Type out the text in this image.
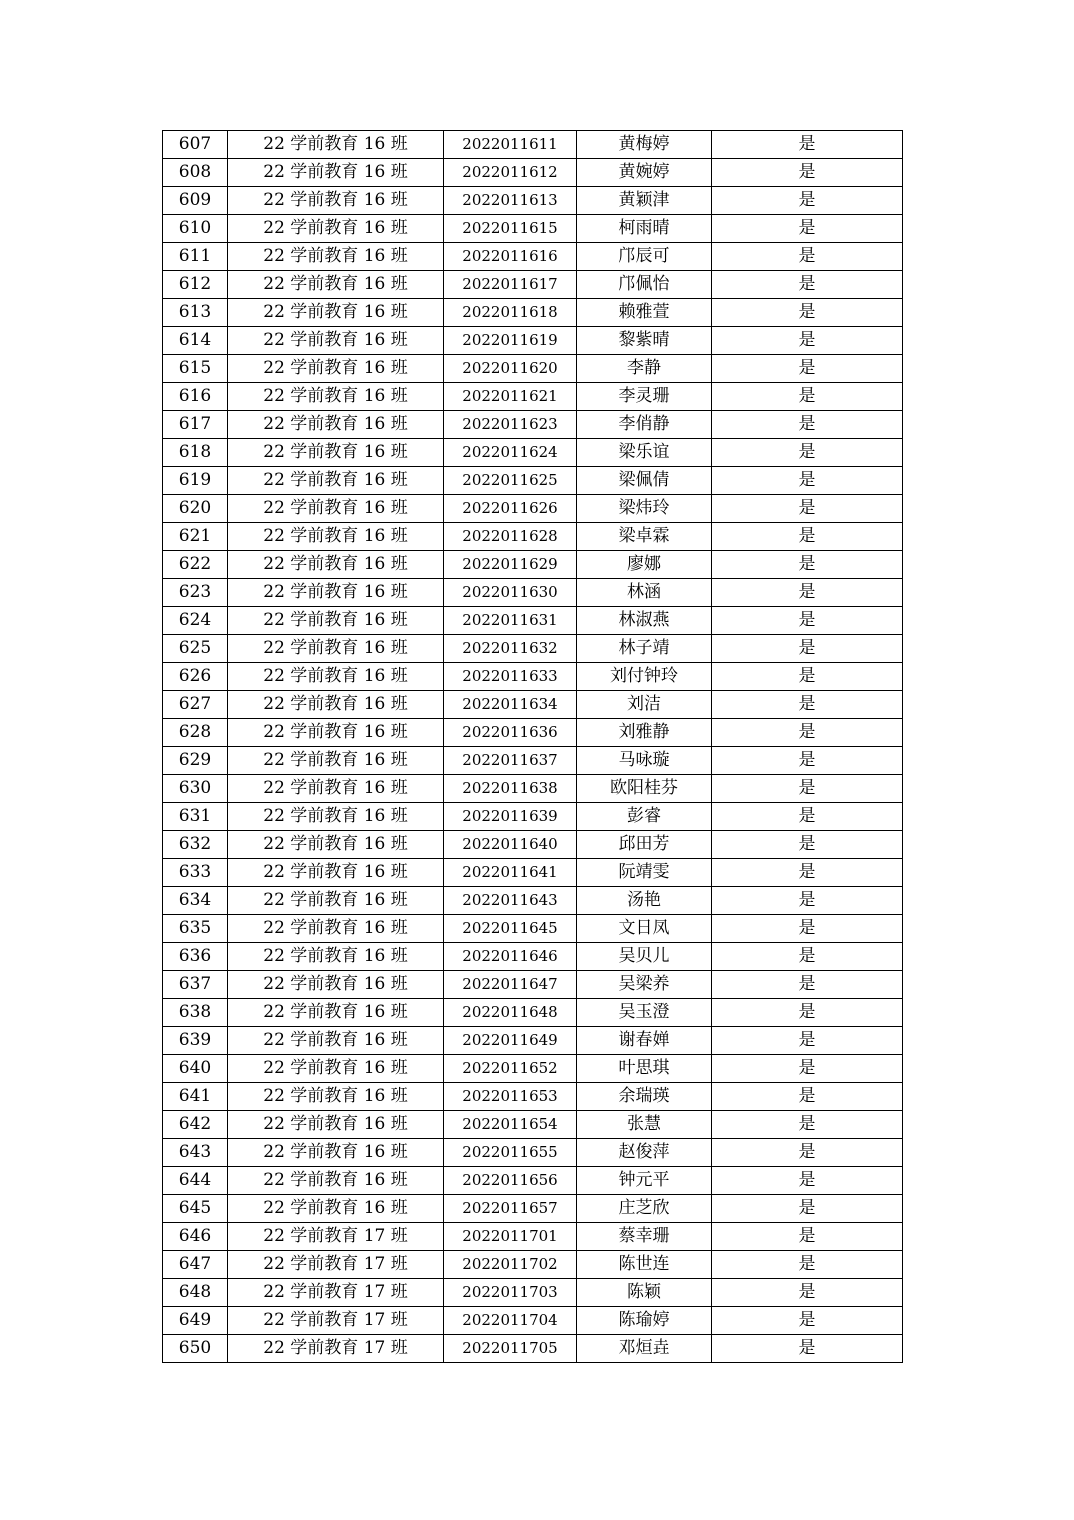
607	22 学前教育 16 班	2022011611	黄梅婷	是
608	22 学前教育 16 班	2022011612	黄婉婷	是
609	22 学前教育 16 班	2022011613	黄颖津	是
610	22 学前教育 16 班	2022011615	柯雨晴	是
611	22 学前教育 16 班	2022011616	邝辰可	是
612	22 学前教育 16 班	2022011617	邝佩怡	是
613	22 学前教育 16 班	2022011618	赖雅萱	是
614	22 学前教育 16 班	2022011619	黎紫晴	是
615	22 学前教育 16 班	2022011620	李静	是
616	22 学前教育 16 班	2022011621	李灵珊	是
617	22 学前教育 16 班	2022011623	李俏静	是
618	22 学前教育 16 班	2022011624	梁乐谊	是
619	22 学前教育 16 班	2022011625	梁佩倩	是
620	22 学前教育 16 班	2022011626	梁炜玲	是
621	22 学前教育 16 班	2022011628	梁卓霖	是
622	22 学前教育 16 班	2022011629	廖娜	是
623	22 学前教育 16 班	2022011630	林涵	是
624	22 学前教育 16 班	2022011631	林淑燕	是
625	22 学前教育 16 班	2022011632	林子靖	是
626	22 学前教育 16 班	2022011633	刘付钟玲	是
627	22 学前教育 16 班	2022011634	刘洁	是
628	22 学前教育 16 班	2022011636	刘雅静	是
629	22 学前教育 16 班	2022011637	马咏璇	是
630	22 学前教育 16 班	2022011638	欧阳桂芬	是
631	22 学前教育 16 班	2022011639	彭睿	是
632	22 学前教育 16 班	2022011640	邱田芳	是
633	22 学前教育 16 班	2022011641	阮靖雯	是
634	22 学前教育 16 班	2022011643	汤艳	是
635	22 学前教育 16 班	2022011645	文日凤	是
636	22 学前教育 16 班	2022011646	吴贝儿	是
637	22 学前教育 16 班	2022011647	吴梁养	是
638	22 学前教育 16 班	2022011648	吴玉澄	是
639	22 学前教育 16 班	2022011649	谢春婵	是
640	22 学前教育 16 班	2022011652	叶思琪	是
641	22 学前教育 16 班	2022011653	余瑞瑛	是
642	22 学前教育 16 班	2022011654	张慧	是
643	22 学前教育 16 班	2022011655	赵俊萍	是
644	22 学前教育 16 班	2022011656	钟元平	是
645	22 学前教育 16 班	2022011657	庄芝欣	是
646	22 学前教育 17 班	2022011701	蔡幸珊	是
647	22 学前教育 17 班	2022011702	陈世连	是
648	22 学前教育 17 班	2022011703	陈颖	是
649	22 学前教育 17 班	2022011704	陈瑜婷	是
650	22 学前教育 17 班	2022011705	邓烜垚	是
